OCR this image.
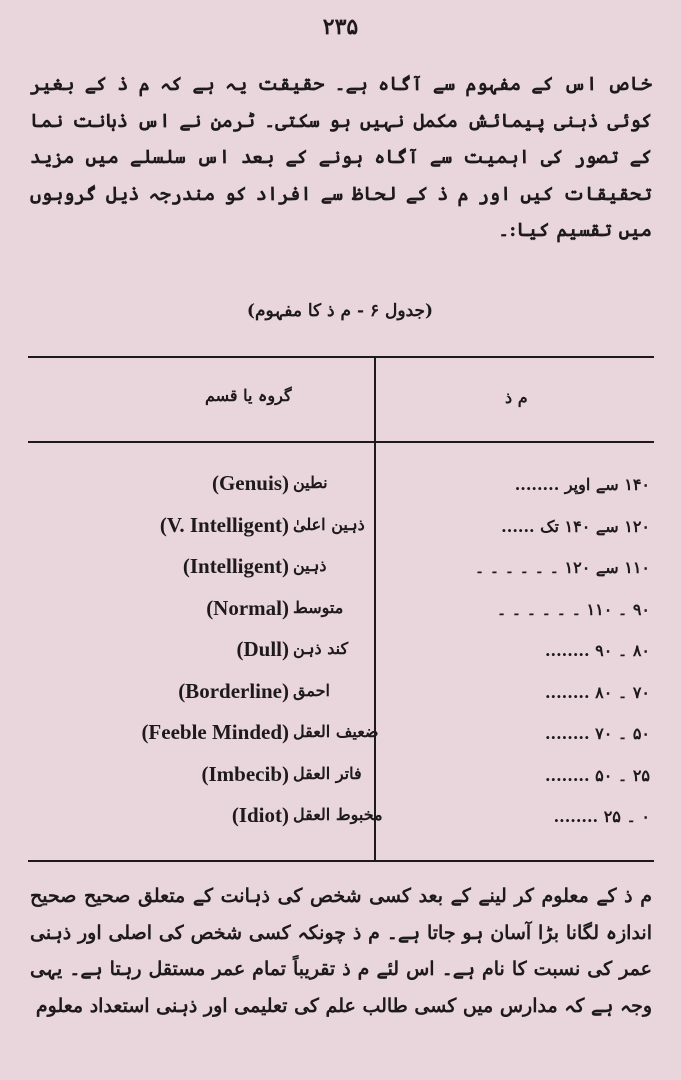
۲۳۵
خاص اس کے مفہوم سے آگاہ ہے۔ حقیقت یہ ہے کہ م ذ کے بغیر کوئی ذہنی پیمائش مکمل نہیں ہو سکتی۔ ٹرمن نے اس ذہانت نما کے تصور کی اہمیت سے آگاہ ہونے کے بعد اس سلسلے میں مزید تحقیقات کیں اور م ذ کے لحاظ سے افراد کو مندرجہ ذیل گروہوں میں تقسیم کیا:۔
(جدول ۶ - م ذ کا مفہوم)
م ذ
گروہ یا قسم
۱۴۰ سے اوپر ........
نطین
(Genuis)
۱۲۰ سے ۱۴۰ تک ......
ذہین اعلیٰ
(V. Intelligent)
۱۱۰ سے ۱۲۰ ۔ ۔ ۔ ۔ ۔ ۔
ذہین
(Intelligent)
۹۰ ۔ ۱۱۰ ۔ ۔ ۔ ۔ ۔ ۔
متوسط
(Normal)
۸۰ ۔ ۹۰ ........
کند ذہن
(Dull)
۷۰ ۔ ۸۰ ........
احمق
(Borderline)
۵۰ ۔ ۷۰ ........
ضعیف العقل
(Feeble Minded)
۲۵ ۔ ۵۰ ........
فاتر العقل
(Imbecib)
۰ ۔ ۲۵ ........
مخبوط العقل
(Idiot)
م ذ کے معلوم کر لینے کے بعد کسی شخص کی ذہانت کے متعلق صحیح صحیح اندازہ لگانا بڑا آسان ہو جاتا ہے۔ م ذ چونکہ کسی شخص کی اصلی اور ذہنی عمر کی نسبت کا نام ہے۔ اس لئے م ذ تقریباً تمام عمر مستقل رہتا ہے۔ یہی وجہ ہے کہ مدارس میں کسی طالب علم کی تعلیمی اور ذہنی استعداد معلوم
